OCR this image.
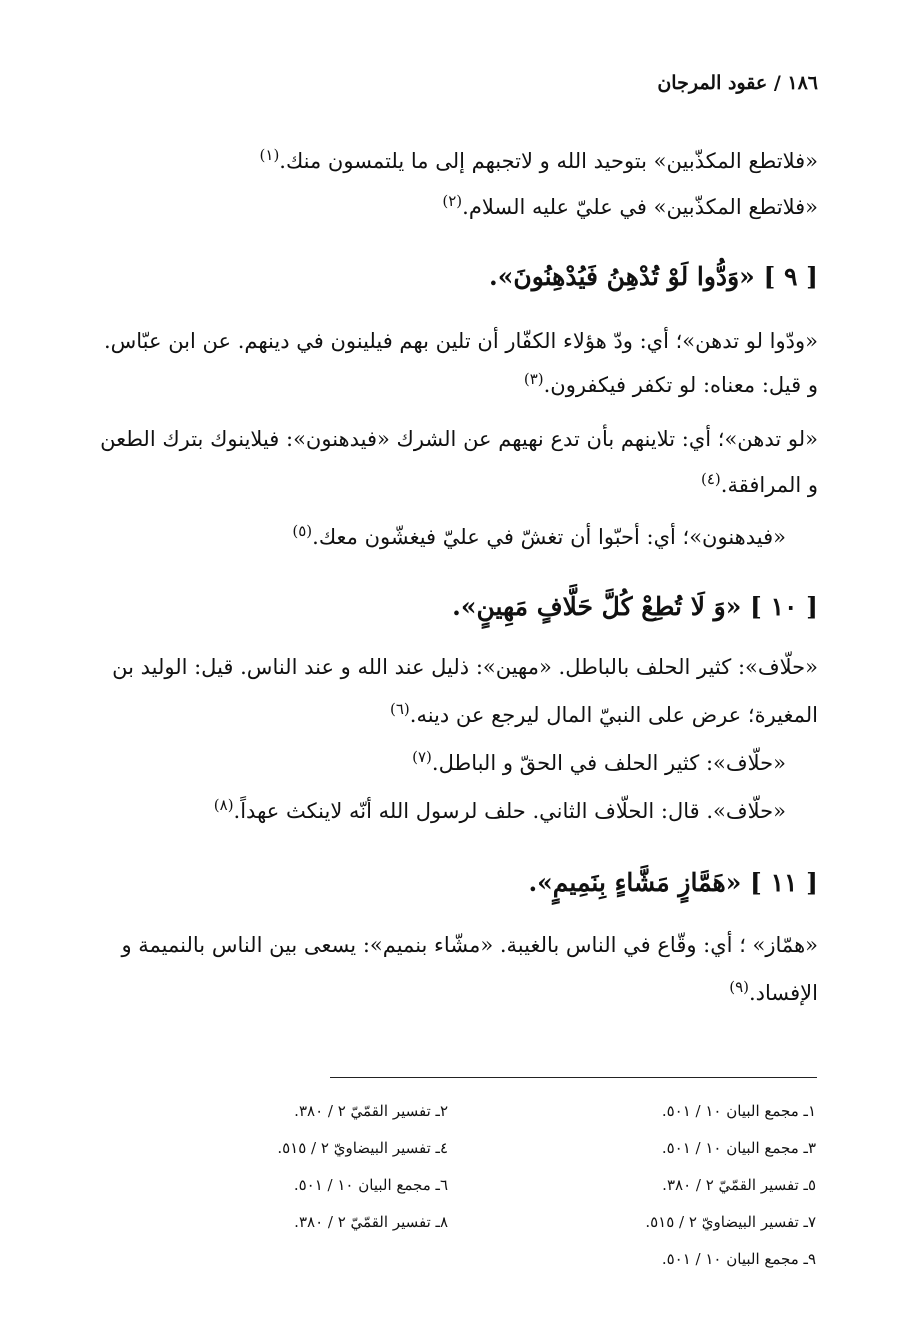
١٨٦ / عقود المرجان
«فلاتطع المكذّبين» بتوحيد الله و لاتجبهم إلى ما يلتمسون منك.$^{(١)}$
«فلاتطع المكذّبين» في عليّ عليه السلام.$^{(٢)}$
[ ٩ ] «وَدُّوا لَوْ تُدْهِنُ فَيُدْهِنُونَ».
«ودّوا لو تدهن»؛ أي: ودّ هؤلاء الكفّار أن تلين بهم فيلينون في دينهم. عن ابن عبّاس.
و قيل: معناه: لو تكفر فيكفرون.$^{(٣)}$
«لو تدهن»؛ أي: تلاينهم بأن تدع نهيهم عن الشرك «فيدهنون»: فيلاينوك بترك الطعن
و المرافقة.$^{(٤)}$
«فيدهنون»؛ أي: أحبّوا أن تغشّ في عليّ فيغشّون معك.$^{(٥)}$
[ ١٠ ] «وَ لَا تُطِعْ كُلَّ حَلَّافٍ مَهِينٍ».
«حلّاف»: كثير الحلف بالباطل. «مهين»: ذليل عند الله و عند الناس. قيل: الوليد بن
المغيرة؛ عرض على النبيّ المال ليرجع عن دينه.$^{(٦)}$
«حلّاف»: كثير الحلف في الحقّ و الباطل.$^{(٧)}$
«حلّاف». قال: الحلّاف الثاني. حلف لرسول الله أنّه لاينكث عهداً.$^{(٨)}$
[ ١١ ] «هَمَّازٍ مَشَّاءٍ بِنَمِيمٍ».
«همّاز» ؛ أي: وقّاع في الناس بالغيبة. «مشّاء بنميم»: يسعى بين الناس بالنميمة و
الإفساد.$^{(٩)}$
١ـ مجمع البيان ١٠ / ٥٠١.
٢ـ تفسير القمّيّ ٢ / ٣٨٠.
٣ـ مجمع البيان ١٠ / ٥٠١.
٤ـ تفسير البيضاويّ ٢ / ٥١٥.
٥ـ تفسير القمّيّ ٢ / ٣٨٠.
٦ـ مجمع البيان ١٠ / ٥٠١.
٧ـ تفسير البيضاويّ ٢ / ٥١٥.
٨ـ تفسير القمّيّ ٢ / ٣٨٠.
٩ـ مجمع البيان ١٠ / ٥٠١.
